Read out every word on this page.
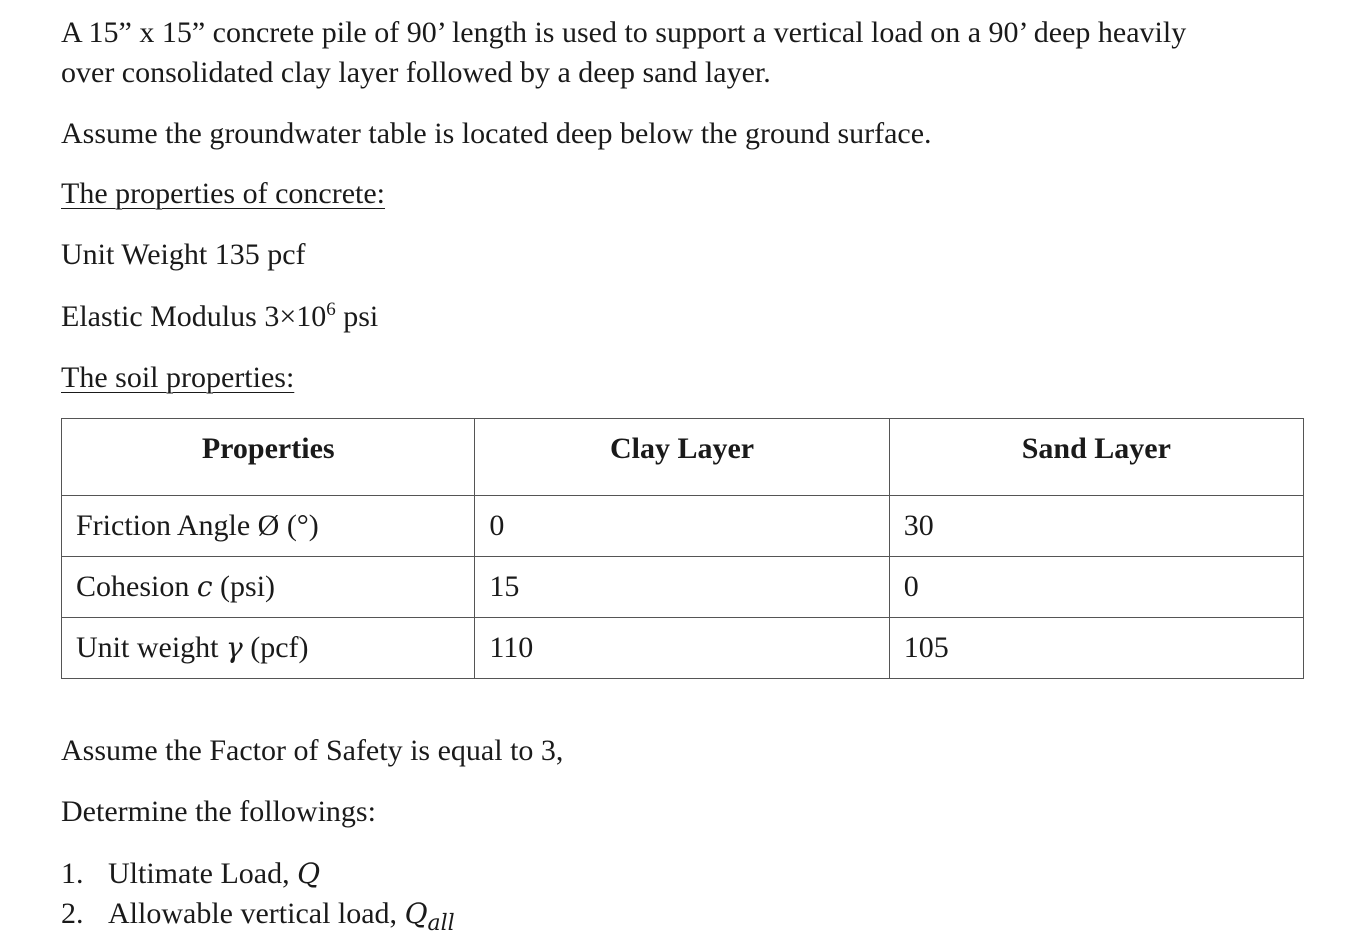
A 15” x 15” concrete pile of 90’ length is used to support a vertical load on a 90’ deep heavily

over consolidated clay layer followed by a deep sand layer.

Assume the groundwater table is located deep below the ground surface.

The properties of concrete:

Unit Weight 135 pcf

Elastic Modulus $3\times 10^6$ psi

The soil properties:

Properties	Clay Layer	Sand Layer
Friction Angle Ø (°)	0	30
Cohesion c (psi)	15	0
Unit weight γ (pcf)	110	105

Assume the Factor of Safety is equal to 3,

Determine the followings:

1. Ultimate Load, Q

2. Allowable vertical load, $Q_{all}$
